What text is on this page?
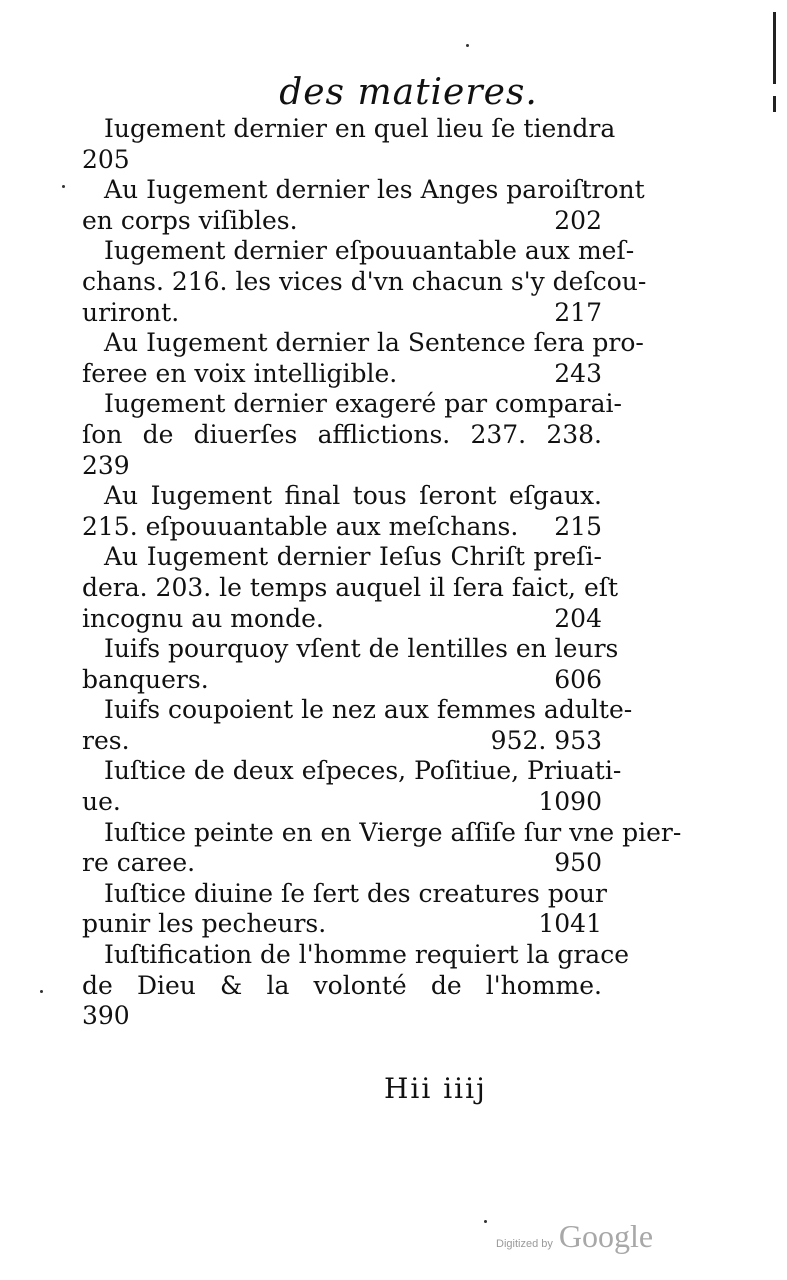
des matieres.
Iugement dernier en quel lieu ſe tiendra
205
Au Iugement dernier les Anges paroiſtront
en corps viſibles.	202
Iugement dernier eſpouuantable aux meſ-
chans. 216. les vices d'vn chacun s'y deſcou-
uriront.	217
Au Iugement dernier la Sentence ſera pro-
feree en voix intelligible.	243
Iugement dernier exageré par comparai-
ſon de diuerſes afflictions. 237. 238.
239
Au Iugement final tous ſeront eſgaux.
215. eſpouuantable aux meſchans.	215
Au Iugement dernier Ieſus Chriſt preſi-
dera. 203. le temps auquel il ſera faict, eſt
incognu au monde.	204
Iuifs pourquoy vſent de lentilles en leurs
banquers.	606
Iuifs coupoient le nez aux femmes adulte-
res.	952. 953
Iuſtice de deux eſpeces, Poſitiue, Priuati-
ue.	1090
Iuſtice peinte en en Vierge aſſiſe ſur vne pier-
re caree.	950
Iuſtice diuine ſe ſert des creatures pour
punir les pecheurs.	1041
Iuſtification de l'homme requiert la grace
de Dieu & la volonté de l'homme.
390
Hii iiij
Digitized by Google
